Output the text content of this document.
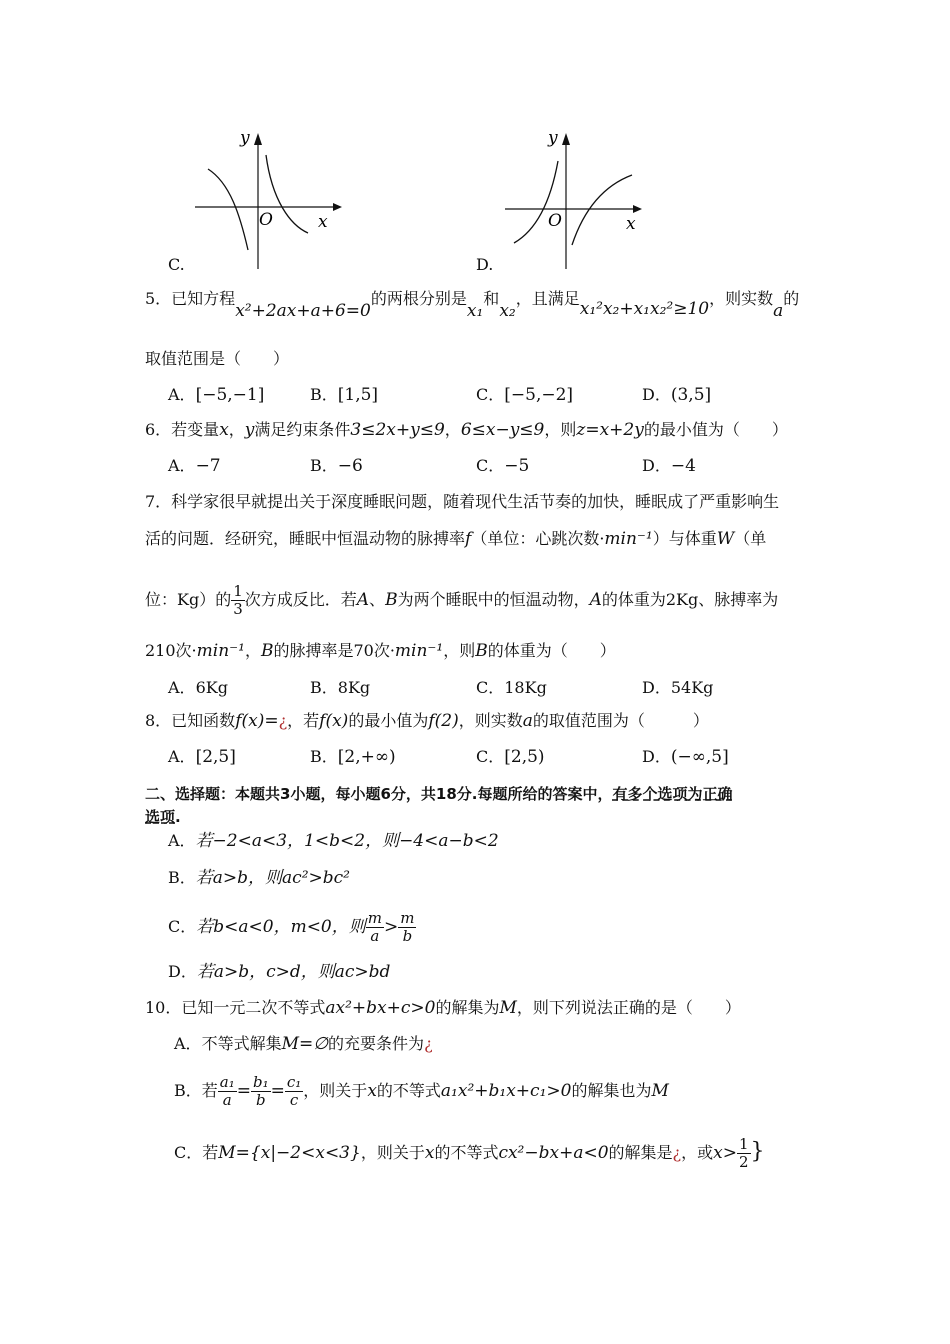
y
O	x
C.
y
O	x
D.
5．已知方程x²+2ax+a+6=0的两根分别是x₁和x₂，且满足x₁²x₂+x₁x₂²≥10，则实数a的
取值范围是（　　）
A．[−5,−1]	B．[1,5]	C．[−5,−2]	D．(3,5]
6．若变量x，y满足约束条件3≤2x+y≤9，6≤x−y≤9，则z=x+2y的最小值为（　　）
A．−7	B．−6	C．−5	D．−4
7．科学家很早就提出关于深度睡眠问题，随着现代生活节奏的加快，睡眠成了严重影响生
活的问题．经研究，睡眠中恒温动物的脉搏率f（单位：心跳次数·min⁻¹）与体重W（单
位：Kg）的 $\frac{1}{3}$ 次方成反比．若A、B为两个睡眠中的恒温动物，A的体重为2Kg、脉搏率为
210次·min⁻¹，B的脉搏率是70次·min⁻¹，则B的体重为（　　）
A．6Kg	B．8Kg	C．18Kg	D．54Kg
8．已知函数f(x)=¿，若f(x)的最小值为f(2)，则实数a的取值范围为（　　　）
A．[2,5]	B．[2,+∞)	C．[2,5)	D．(−∞,5]
二、选择题：本题共3小题，每小题6分，共18分.每题所给的答案中，有多个选项为正确
选项.
A．若−2<a<3，1<b<2，则−4<a−b<2
B．若a>b，则ac²>bc²
C．若b<a<0，m<0，则 $\frac{m}{a} > \frac{m}{b}$
D．若a>b，c>d，则ac>bd
10．已知一元二次不等式ax²+bx+c>0的解集为M，则下列说法正确的是（　　）
A．不等式解集M=∅的充要条件为¿
B．若 $\frac{\text{a₁}}{a} = \frac{\text{b₁}}{b} = \frac{\text{c₁}}{c}$ ，则关于x的不等式a₁x²+b₁x+c₁>0的解集也为M
C．若M={x|−2<x<3}，则关于x的不等式cx²−bx+a<0的解集是¿，或$x> \frac{1}{2}$ }
